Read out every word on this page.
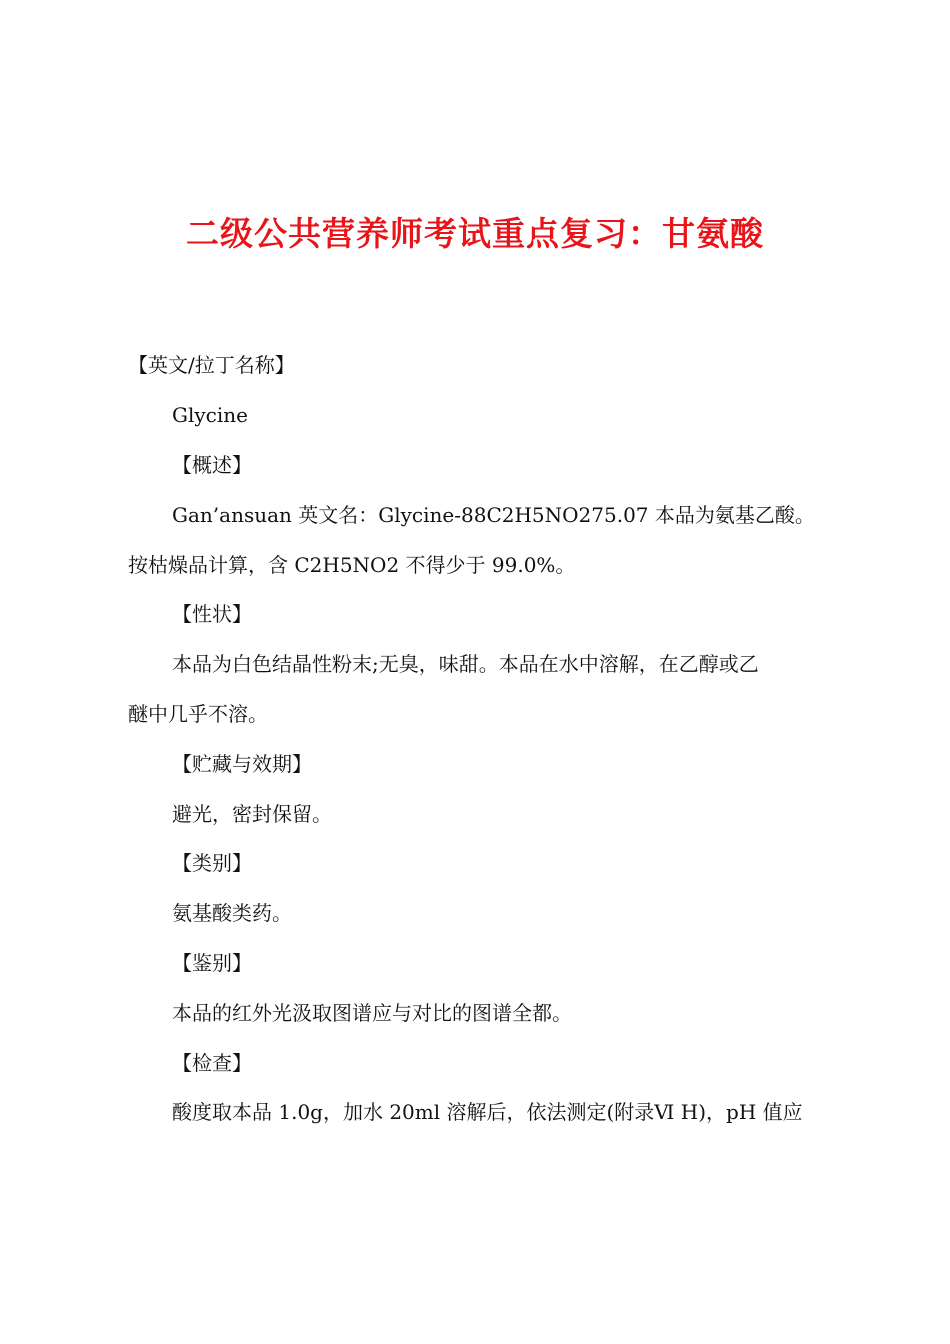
二级公共营养师考试重点复习：甘氨酸

【英文/拉丁名称】

Glycine

【概述】

Gan’ansuan 英文名：Glycine-88C2H5NO275.07 本品为氨基乙酸。

按枯燥品计算，含 C2H5NO2 不得少于 99.0%。

【性状】

本品为白色结晶性粉末;无臭，味甜。本品在水中溶解，在乙醇或乙

醚中几乎不溶。

【贮藏与效期】

避光，密封保留。

【类别】

氨基酸类药。

【鉴别】

本品的红外光汲取图谱应与对比的图谱全都。

【检查】

酸度取本品 1.0g，加水 20ml 溶解后，依法测定(附录Ⅵ H)，pH 值应
